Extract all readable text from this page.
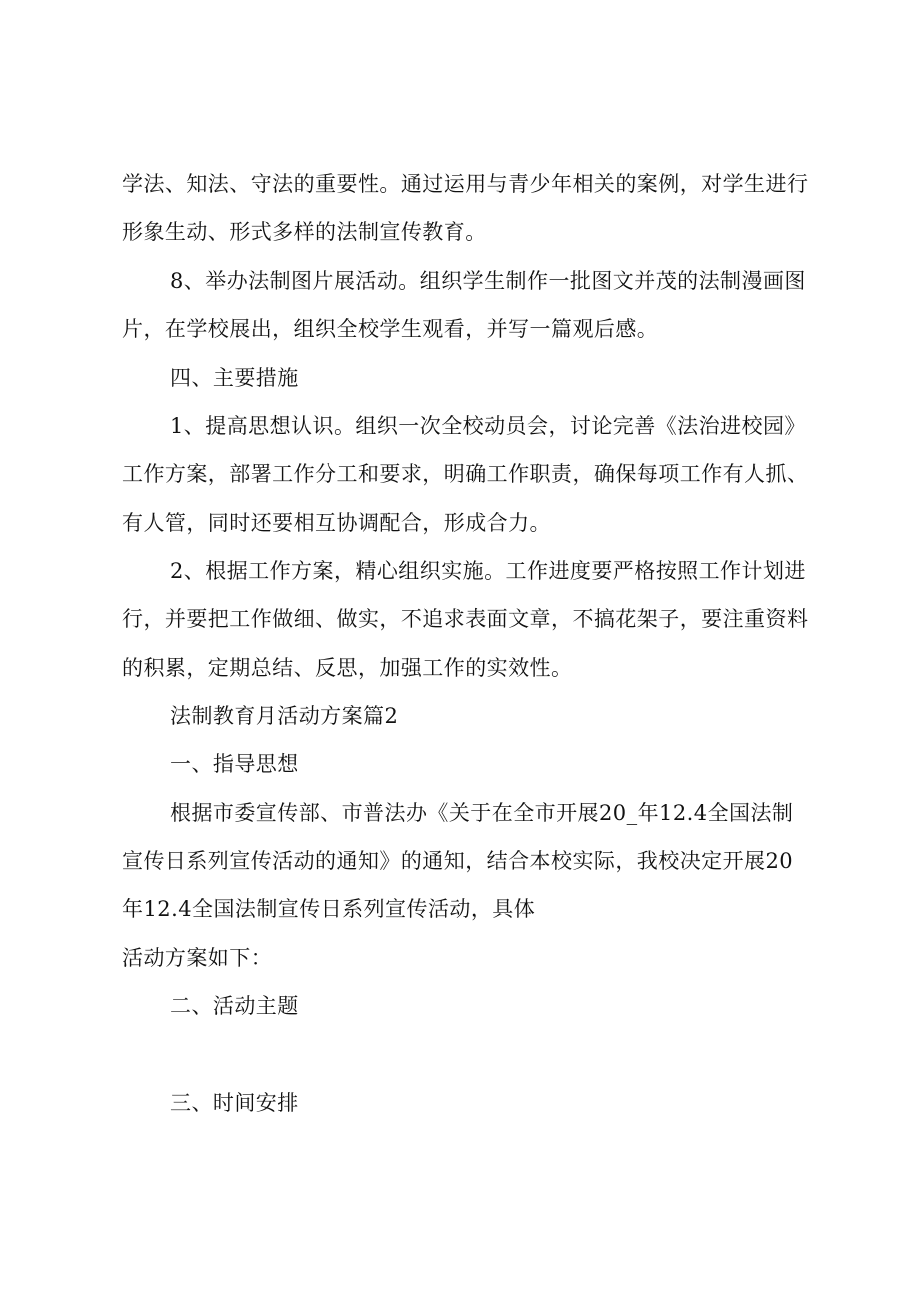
学法、知法、守法的重要性。通过运用与青少年相关的案例，对学生进行
形象生动、形式多样的法制宣传教育。
8、举办法制图片展活动。组织学生制作一批图文并茂的法制漫画图
片，在学校展出，组织全校学生观看，并写一篇观后感。
四、主要措施
1、提高思想认识。组织一次全校动员会，讨论完善《法治进校园》
工作方案，部署工作分工和要求，明确工作职责，确保每项工作有人抓、
有人管，同时还要相互协调配合，形成合力。
2、根据工作方案，精心组织实施。工作进度要严格按照工作计划进
行，并要把工作做细、做实，不追求表面文章，不搞花架子，要注重资料
的积累，定期总结、反思，加强工作的实效性。
法制教育月活动方案篇2
一、指导思想
根据市委宣传部、市普法办《关于在全市开展20_年12.4全国法制
宣传日系列宣传活动的通知》的通知，结合本校实际，我校决定开展20
年12.4全国法制宣传日系列宣传活动，具体
活动方案如下：
二、活动主题
三、时间安排
